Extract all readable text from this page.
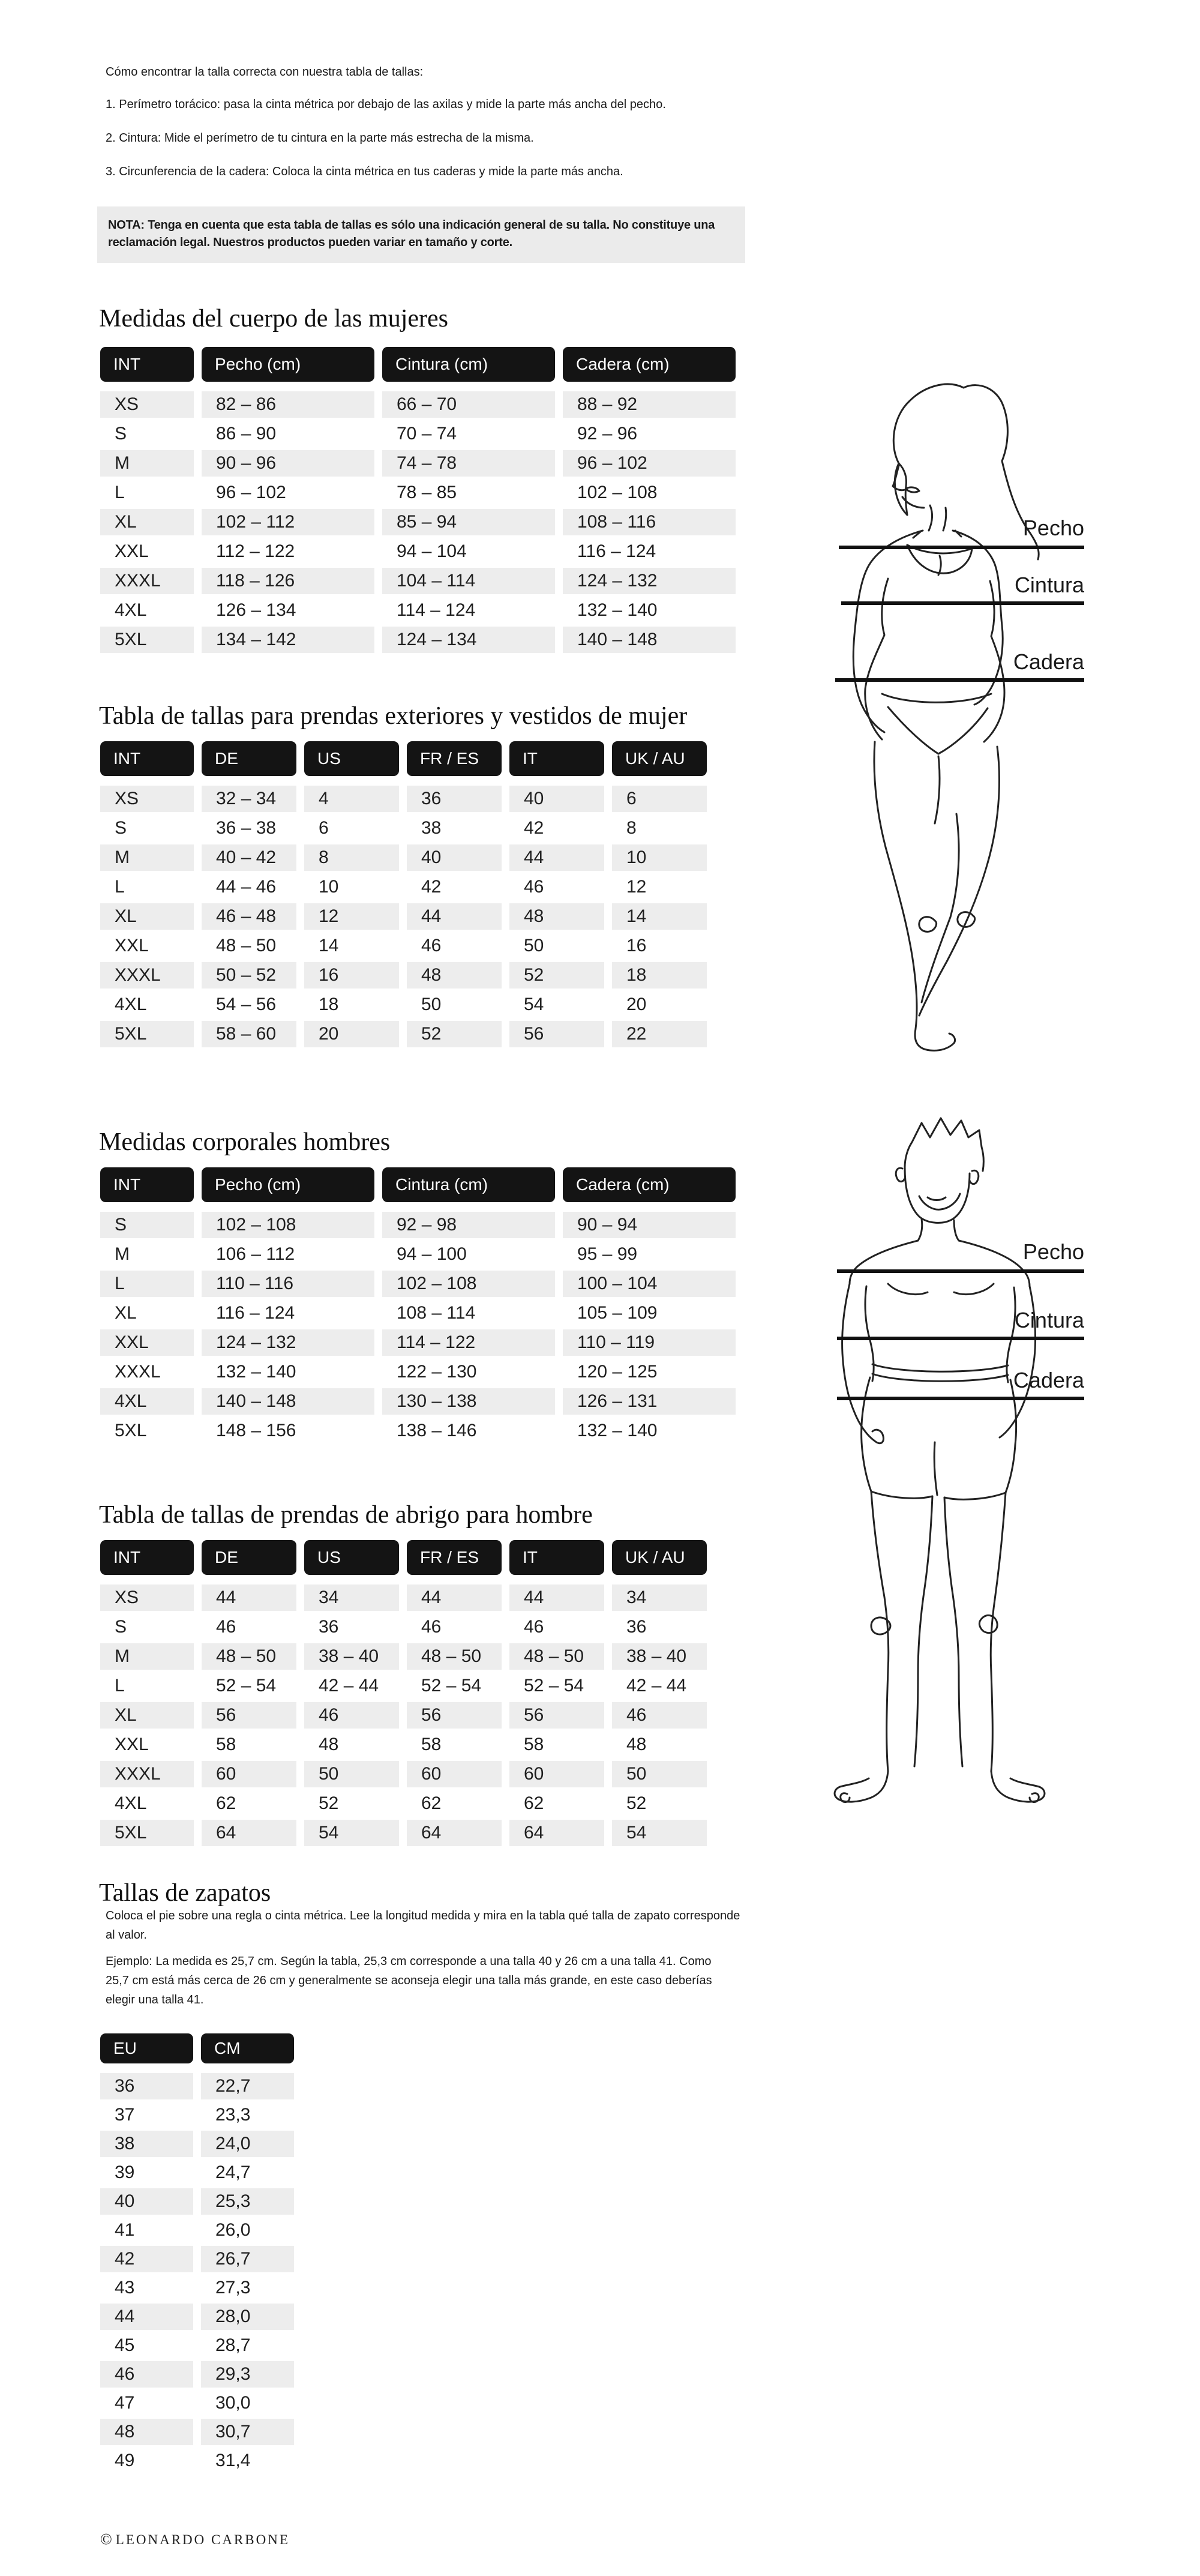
Cómo encontrar la talla correcta con nuestra tabla de tallas:
1. Perímetro torácico: pasa la cinta métrica por debajo de las axilas y mide la parte más ancha del pecho.
2. Cintura: Mide el perímetro de tu cintura en la parte más estrecha de la misma.
3. Circunferencia de la cadera: Coloca la cinta métrica en tus caderas y mide la parte más ancha.
NOTA: Tenga en cuenta que esta tabla de tallas es sólo una indicación general de su talla. No constituye una reclamación legal. Nuestros productos pueden variar en tamaño y corte.
Medidas del cuerpo de las mujeres
INT	Pecho (cm)	Cintura (cm)	Cadera (cm)
XS	82 – 86	66 – 70	88 – 92
S	86 – 90	70 – 74	92 – 96
M	90 – 96	74 – 78	96 – 102
L	96 – 102	78 – 85	102 – 108
XL	102 – 112	85 – 94	108 – 116
XXL	112 – 122	94 – 104	116 – 124
XXXL	118 – 126	104 – 114	124 – 132
4XL	126 – 134	114 – 124	132 – 140
5XL	134 – 142	124 – 134	140 – 148
Tabla de tallas para prendas exteriores y vestidos de mujer
INT	DE	US	FR / ES	IT	UK / AU
XS	32 – 34	4	36	40	6
S	36 – 38	6	38	42	8
M	40 – 42	8	40	44	10
L	44 – 46	10	42	46	12
XL	46 – 48	12	44	48	14
XXL	48 – 50	14	46	50	16
XXXL	50 – 52	16	48	52	18
4XL	54 – 56	18	50	54	20
5XL	58 – 60	20	52	56	22
Medidas corporales hombres
INT	Pecho (cm)	Cintura (cm)	Cadera (cm)
S	102 – 108	92 – 98	90 – 94
M	106 – 112	94 – 100	95 – 99
L	110 – 116	102 – 108	100 – 104
XL	116 – 124	108 – 114	105 – 109
XXL	124 – 132	114 – 122	110 – 119
XXXL	132 – 140	122 – 130	120 – 125
4XL	140 – 148	130 – 138	126 – 131
5XL	148 – 156	138 – 146	132 – 140
Tabla de tallas de prendas de abrigo para hombre
INT	DE	US	FR / ES	IT	UK / AU
XS	44	34	44	44	34
S	46	36	46	46	36
M	48 – 50	38 – 40	48 – 50	48 – 50	38 – 40
L	52 – 54	42 – 44	52 – 54	52 – 54	42 – 44
XL	56	46	56	56	46
XXL	58	48	58	58	48
XXXL	60	50	60	60	50
4XL	62	52	62	62	52
5XL	64	54	64	64	54
Tallas de zapatos
Coloca el pie sobre una regla o cinta métrica. Lee la longitud medida y mira en la tabla qué talla de zapato corresponde al valor.
Ejemplo: La medida es 25,7 cm. Según la tabla, 25,3 cm corresponde a una talla 40 y 26 cm a una talla 41. Como 25,7 cm está más cerca de 26 cm y generalmente se aconseja elegir una talla más grande, en este caso deberías elegir una talla 41.
EU	CM
36	22,7
37	23,3
38	24,0
39	24,7
40	25,3
41	26,0
42	26,7
43	27,3
44	28,0
45	28,7
46	29,3
47	30,0
48	30,7
49	31,4
Pecho
Cintura
Cadera
Pecho
Cintura
Cadera
© LEONARDO CARBONE
